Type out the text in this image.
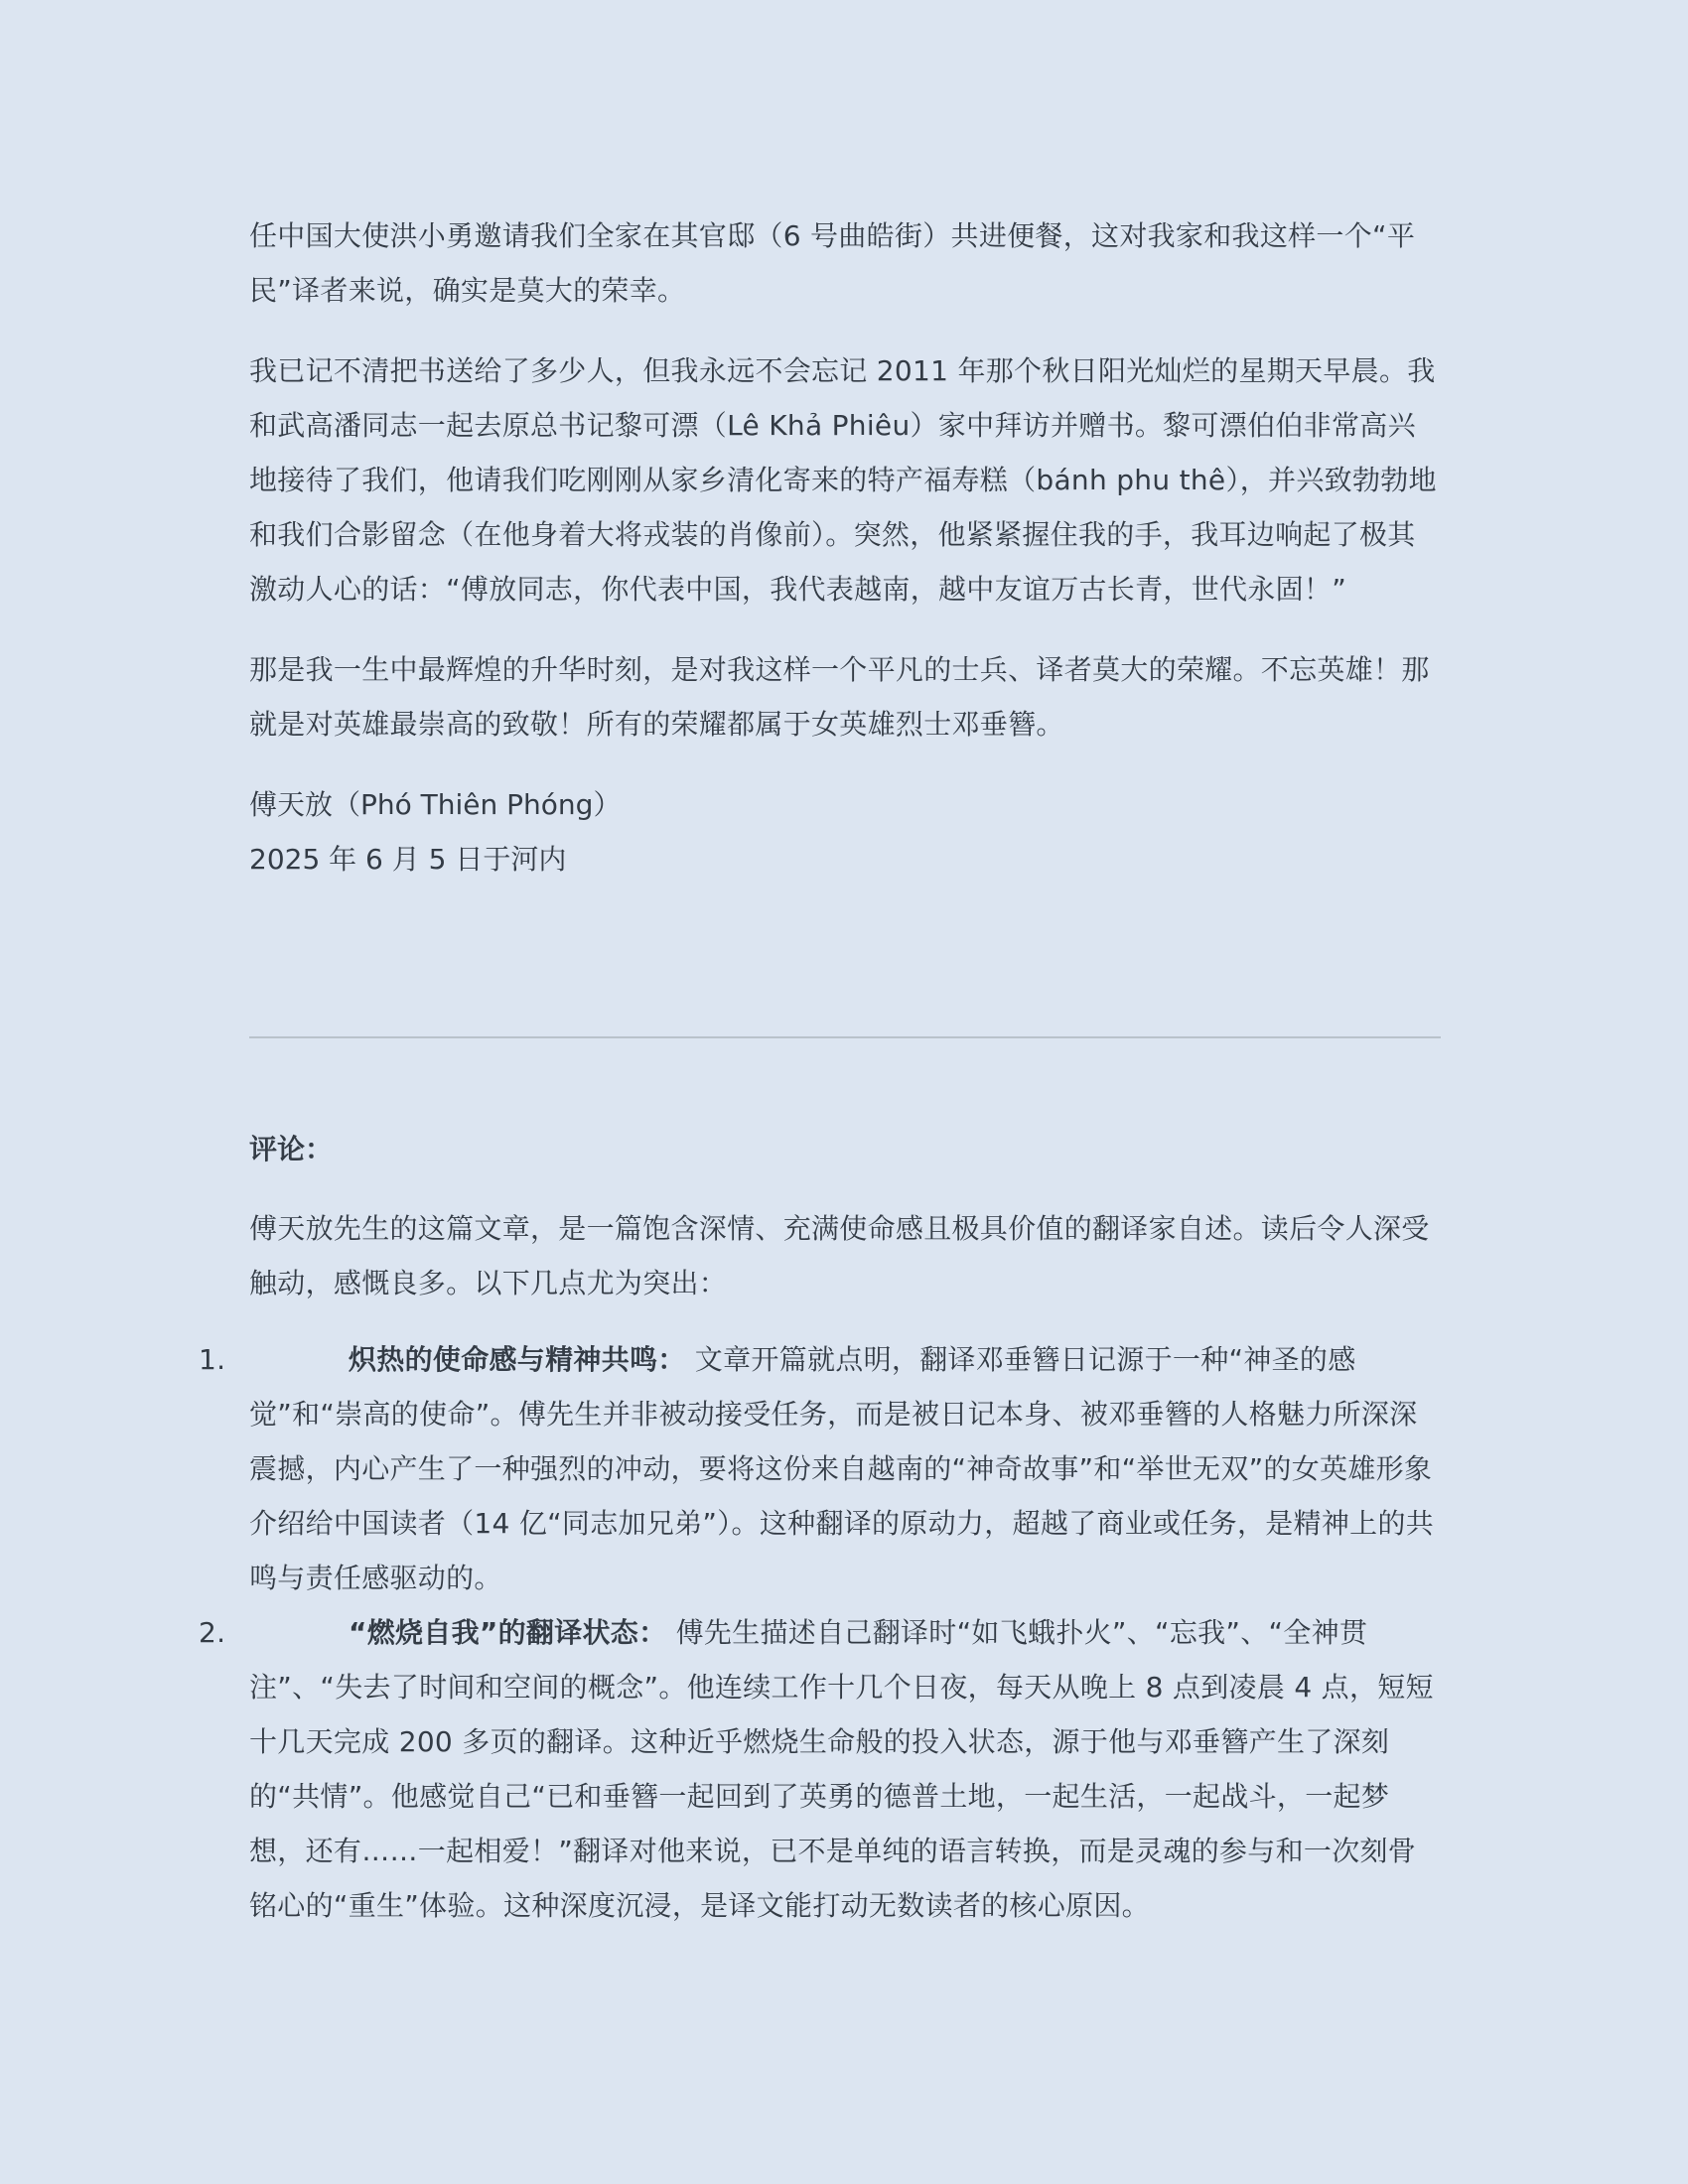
任中国大使洪小勇邀请我们全家在其官邸（6 号曲皓街）共进便餐，这对我家和我这样一个“平民”译者来说，确实是莫大的荣幸。

我已记不清把书送给了多少人，但我永远不会忘记 2011 年那个秋日阳光灿烂的星期天早晨。我和武高潘同志一起去原总书记黎可漂（Lê Khả Phiêu）家中拜访并赠书。黎可漂伯伯非常高兴地接待了我们，他请我们吃刚刚从家乡清化寄来的特产福寿糕（bánh phu thê），并兴致勃勃地和我们合影留念（在他身着大将戎装的肖像前）。突然，他紧紧握住我的手，我耳边响起了极其激动人心的话：“傅放同志，你代表中国，我代表越南，越中友谊万古长青，世代永固！”

那是我一生中最辉煌的升华时刻，是对我这样一个平凡的士兵、译者莫大的荣耀。不忘英雄！那就是对英雄最崇高的致敬！所有的荣耀都属于女英雄烈士邓垂簪。

傅天放（Phó Thiên Phóng）
2025 年 6 月 5 日于河内
评论：

傅天放先生的这篇文章，是一篇饱含深情、充满使命感且极具价值的翻译家自述。读后令人深受触动，感慨良多。以下几点尤为突出：

1.	炽热的使命感与精神共鸣： 文章开篇就点明，翻译邓垂簪日记源于一种“神圣的感觉”和“崇高的使命”。傅先生并非被动接受任务，而是被日记本身、被邓垂簪的人格魅力所深深震撼，内心产生了一种强烈的冲动，要将这份来自越南的“神奇故事”和“举世无双”的女英雄形象介绍给中国读者（14 亿“同志加兄弟”）。这种翻译的原动力，超越了商业或任务，是精神上的共鸣与责任感驱动的。
2.	“燃烧自我”的翻译状态： 傅先生描述自己翻译时“如飞蛾扑火”、“忘我”、“全神贯注”、“失去了时间和空间的概念”。他连续工作十几个日夜，每天从晚上 8 点到凌晨 4 点，短短十几天完成 200 多页的翻译。这种近乎燃烧生命般的投入状态，源于他与邓垂簪产生了深刻的“共情”。他感觉自己“已和垂簪一起回到了英勇的德普土地，一起生活，一起战斗，一起梦想，还有……一起相爱！”翻译对他来说，已不是单纯的语言转换，而是灵魂的参与和一次刻骨铭心的“重生”体验。这种深度沉浸，是译文能打动无数读者的核心原因。
